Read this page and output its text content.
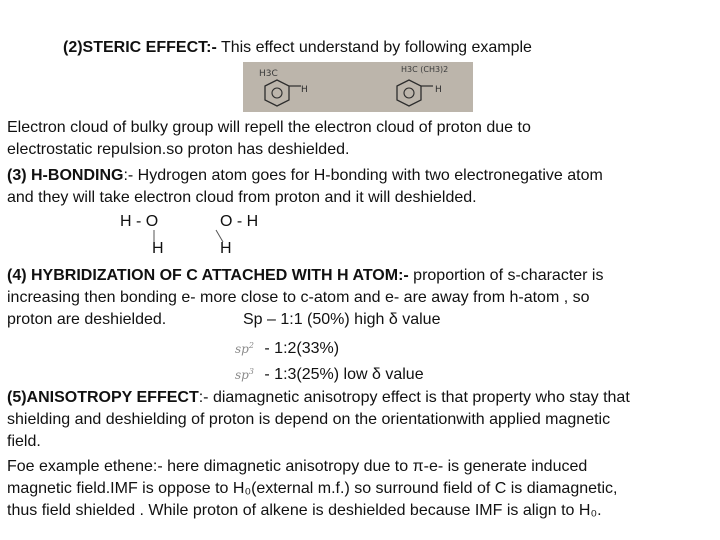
(2)STERIC EFFECT:- This effect understand by following example
H3C
H
H3C (CH3)2
H
Electron cloud of bulky group will repell the electron cloud of proton due to
electrostatic repulsion.so proton has deshielded.
(3) H-BONDING:- Hydrogen atom goes for H-bonding with two electronegative atom
and they will take electron cloud from proton and it will deshielded.
H - O	O - H
H	H
(4) HYBRIDIZATION OF C ATTACHED WITH H ATOM:- proportion of s-character is
increasing then bonding e- more close to c-atom and e- are away from h-atom , so
proton are deshielded.	Sp – 1:1 (50%) high δ value
$sp^2$ - 1:2(33%)
$sp^3$ - 1:3(25%) low δ value
(5)ANISOTROPY EFFECT:- diamagnetic anisotropy effect is that property who stay that
shielding and deshielding of proton is depend on the orientationwith applied magnetic
field.
Foe example ethene:- here dimagnetic anisotropy due to π-e- is generate induced
magnetic field.IMF is oppose to H₀(external m.f.) so surround field of C is diamagnetic,
thus field shielded . While proton of alkene is deshielded because IMF is align to H₀.
